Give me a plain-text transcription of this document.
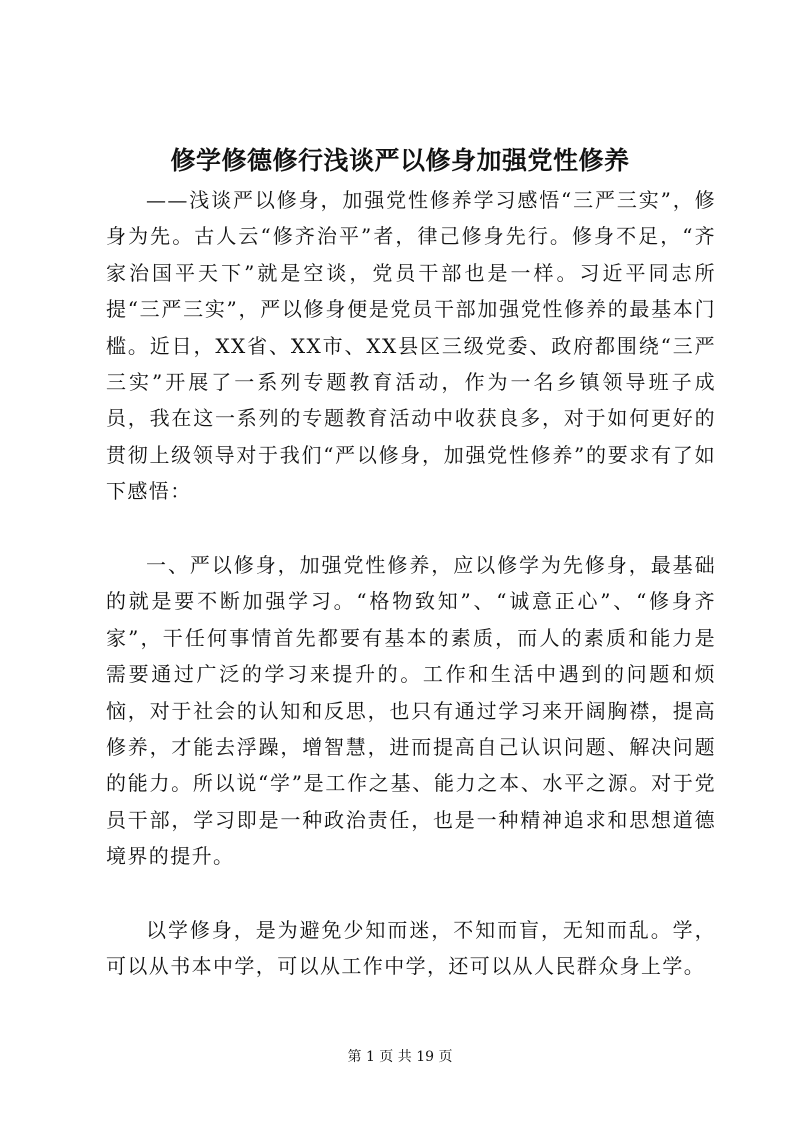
修学修德修行浅谈严以修身加强党性修养

——浅谈严以修身，加强党性修养学习感悟“三严三实”，修身为先。古人云“修齐治平”者，律己修身先行。修身不足，“齐家治国平天下”就是空谈，党员干部也是一样。习近平同志所提“三严三实”，严以修身便是党员干部加强党性修养的最基本门槛。近日，XX省、XX市、XX县区三级党委、政府都围绕“三严三实”开展了一系列专题教育活动，作为一名乡镇领导班子成员，我在这一系列的专题教育活动中收获良多，对于如何更好的贯彻上级领导对于我们“严以修身，加强党性修养”的要求有了如下感悟：

一、严以修身，加强党性修养，应以修学为先修身，最基础的就是要不断加强学习。“格物致知”、“诚意正心”、“修身齐家”，干任何事情首先都要有基本的素质，而人的素质和能力是需要通过广泛的学习来提升的。工作和生活中遇到的问题和烦恼，对于社会的认知和反思，也只有通过学习来开阔胸襟，提高修养，才能去浮躁，增智慧，进而提高自己认识问题、解决问题的能力。所以说“学”是工作之基、能力之本、水平之源。对于党员干部，学习即是一种政治责任，也是一种精神追求和思想道德境界的提升。

以学修身，是为避免少知而迷，不知而盲，无知而乱。学，可以从书本中学，可以从工作中学，还可以从人民群众身上学。

第 1 页 共 19 页
